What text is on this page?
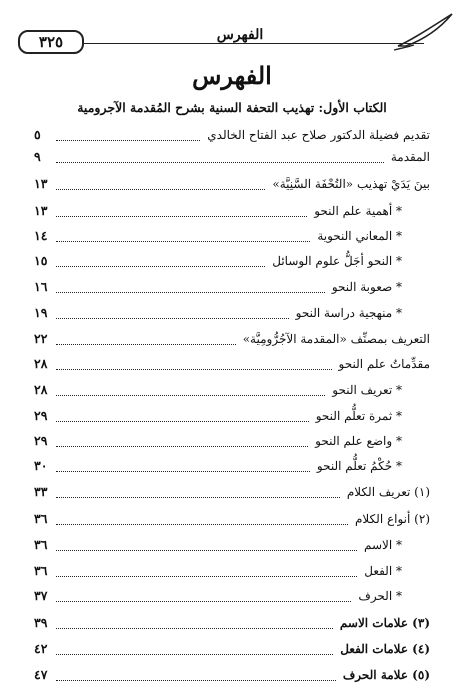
٣٢٥	الفهرس
الفهرس
الكتاب الأول: تهذيب التحفة السنية بشرح المُقدمة الآجرومية
تقديم فضيلة الدكتور صلاح عبد الفتاح الخالدي
٥
المقدمة
٩
بينَ يَدَيْ تهذيب «التُحْفَة السَّنِيَّة»
١٣
* أهمية علم النحو
١٣
* المعاني النحوية
١٤
* النحو أجَلُّ علوم الوسائل
١٥
* صعوبة النحو
١٦
* منهجية دراسة النحو
١٩
التعريف بمصنِّف «المقدمة الآجُرُّومِيَّة»
٢٢
مقدِّماتُ علم النحو
٢٨
* تعريف النحو
٢٨
* ثمرة تعلُّم النحو
٢٩
* واضع علم النحو
٢٩
* حُكْمُ تعلُّم النحو
٣٠
(١) تعريف الكلام
٣٣
(٢) أنواع الكلام
٣٦
* الاسم
٣٦
* الفعل
٣٦
* الحرف
٣٧
(٣) علامات الاسم
٣٩
(٤) علامات الفعل
٤٢
(٥) علامة الحرف
٤٧
